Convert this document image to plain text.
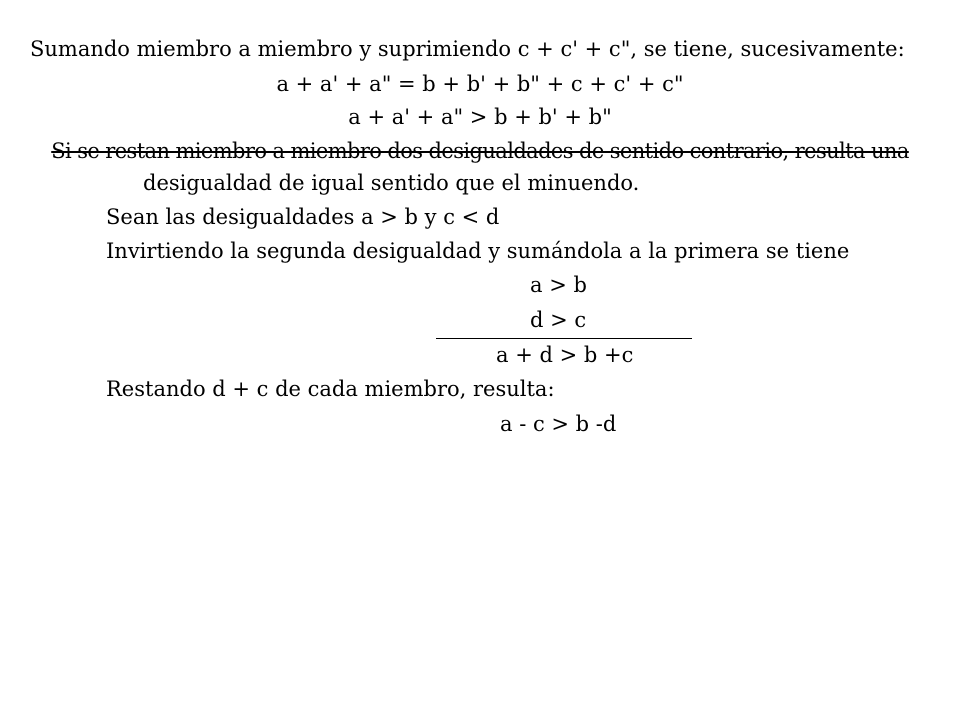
Sumando miembro a miembro y suprimiendo c + c' + c", se tiene, sucesivamente:
a + a' + a" = b + b' + b" + c + c' + c"
a + a' + a" > b + b' + b"
Si se restan miembro a miembro dos desigualdades de sentido contrario, resulta una
desigualdad de igual sentido que el minuendo.
Sean las desigualdades a > b y c < d
Invirtiendo la segunda desigualdad y sumándola a la primera se tiene
a > b
d > c
a + d > b +c
Restando d + c de cada miembro, resulta:
a - c > b -d
